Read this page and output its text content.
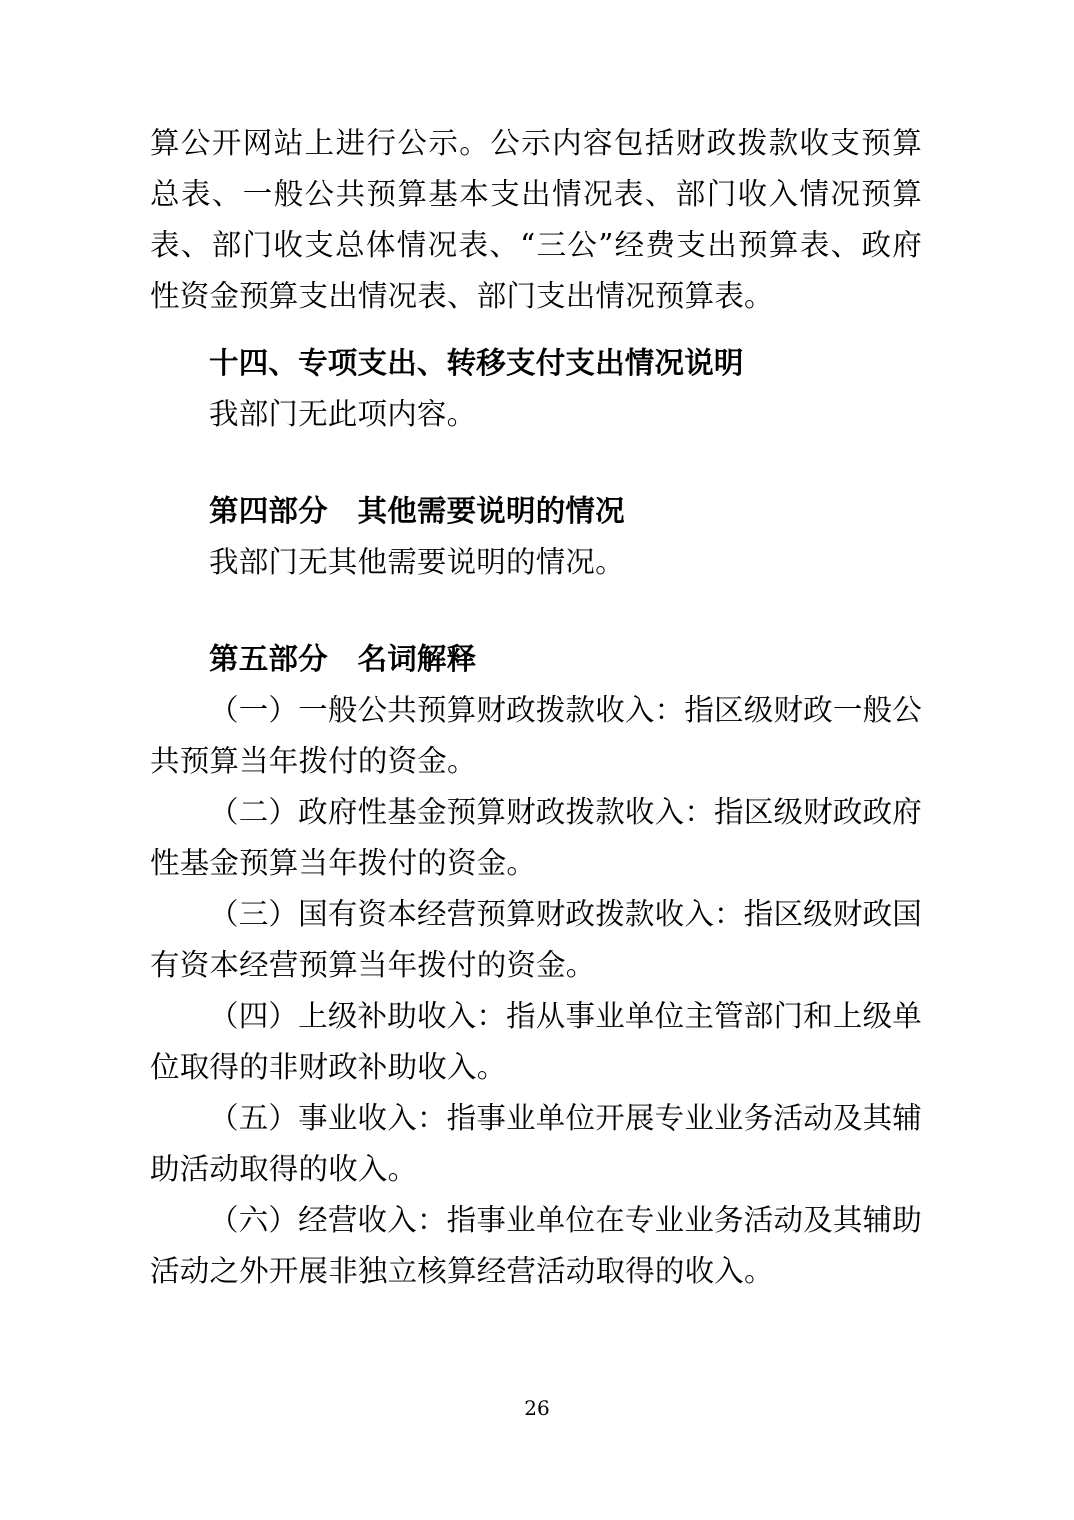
算公开网站上进行公示。公示内容包括财政拨款收支预算总表、一般公共预算基本支出情况表、部门收入情况预算表、部门收支总体情况表、“三公”经费支出预算表、政府性资金预算支出情况表、部门支出情况预算表。

十四、专项支出、转移支付支出情况说明

我部门无此项内容。

第四部分　其他需要说明的情况

我部门无其他需要说明的情况。

第五部分　名词解释

（一）一般公共预算财政拨款收入：指区级财政一般公共预算当年拨付的资金。

（二）政府性基金预算财政拨款收入：指区级财政政府性基金预算当年拨付的资金。

（三）国有资本经营预算财政拨款收入：指区级财政国有资本经营预算当年拨付的资金。

（四）上级补助收入：指从事业单位主管部门和上级单位取得的非财政补助收入。

（五）事业收入：指事业单位开展专业业务活动及其辅助活动取得的收入。

（六）经营收入：指事业单位在专业业务活动及其辅助活动之外开展非独立核算经营活动取得的收入。

26
